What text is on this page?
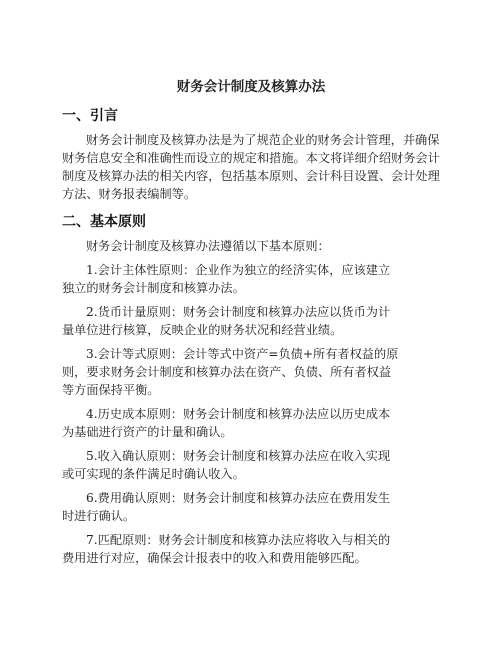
财务会计制度及核算办法
一、引言

财务会计制度及核算办法是为了规范企业的财务会计管理，并确保财务信息安全和准确性而设立的规定和措施。本文将详细介绍财务会计制度及核算办法的相关内容，包括基本原则、会计科目设置、会计处理方法、财务报表编制等。

二、基本原则

财务会计制度及核算办法遵循以下基本原则：

1.会计主体性原则：企业作为独立的经济实体，应该建立
独立的财务会计制度和核算办法。
2.货币计量原则：财务会计制度和核算办法应以货币为计
量单位进行核算，反映企业的财务状况和经营业绩。
3.会计等式原则：会计等式中资产=负债+所有者权益的原
则，要求财务会计制度和核算办法在资产、负债、所有者权益
等方面保持平衡。
4.历史成本原则：财务会计制度和核算办法应以历史成本
为基础进行资产的计量和确认。
5.收入确认原则：财务会计制度和核算办法应在收入实现
或可实现的条件满足时确认收入。
6.费用确认原则：财务会计制度和核算办法应在费用发生
时进行确认。
7.匹配原则：财务会计制度和核算办法应将收入与相关的
费用进行对应，确保会计报表中的收入和费用能够匹配。
